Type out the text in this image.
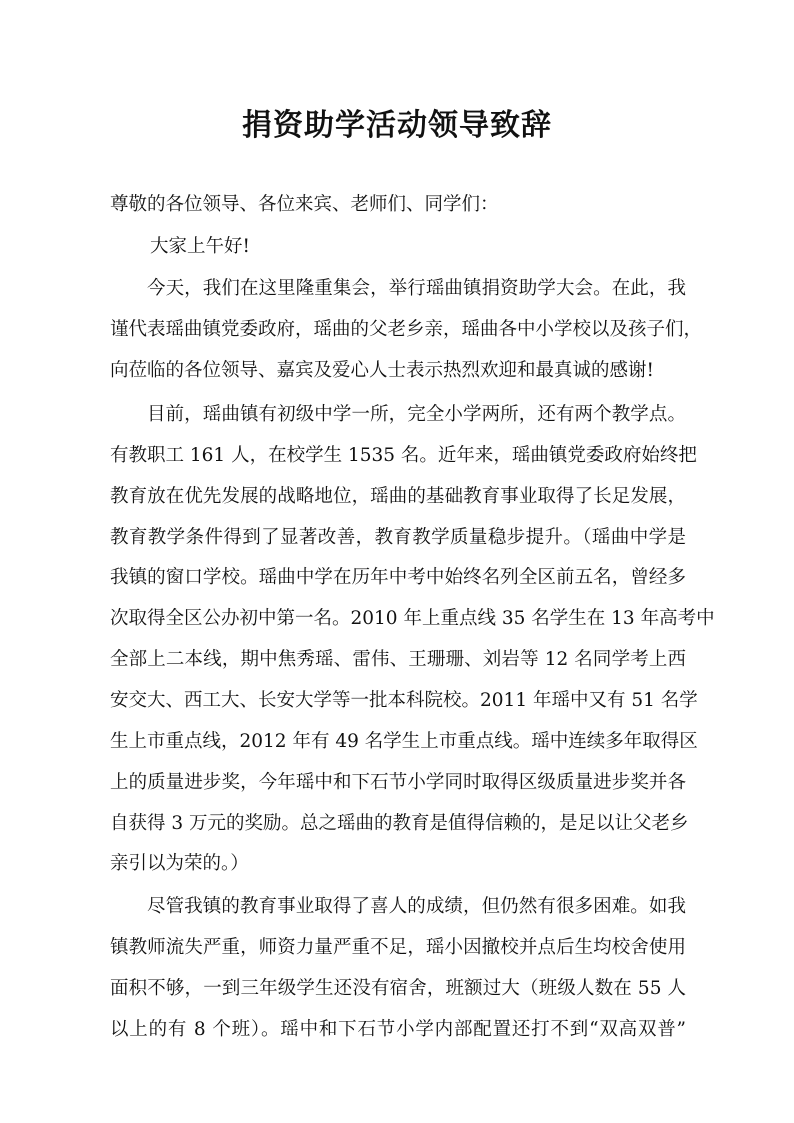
捐资助学活动领导致辞
尊敬的各位领导、各位来宾、老师们、同学们：
大家上午好!
今天，我们在这里隆重集会，举行瑶曲镇捐资助学大会。在此，我
谨代表瑶曲镇党委政府，瑶曲的父老乡亲，瑶曲各中小学校以及孩子们，
向莅临的各位领导、嘉宾及爱心人士表示热烈欢迎和最真诚的感谢!
目前，瑶曲镇有初级中学一所，完全小学两所，还有两个教学点。
有教职工 161 人，在校学生 1535 名。近年来，瑶曲镇党委政府始终把
教育放在优先发展的战略地位，瑶曲的基础教育事业取得了长足发展，
教育教学条件得到了显著改善，教育教学质量稳步提升。（瑶曲中学是
我镇的窗口学校。瑶曲中学在历年中考中始终名列全区前五名，曾经多
次取得全区公办初中第一名。2010 年上重点线 35 名学生在 13 年高考中
全部上二本线，期中焦秀瑶、雷伟、王珊珊、刘岩等 12 名同学考上西
安交大、西工大、长安大学等一批本科院校。2011 年瑶中又有 51 名学
生上市重点线，2012 年有 49 名学生上市重点线。瑶中连续多年取得区
上的质量进步奖，今年瑶中和下石节小学同时取得区级质量进步奖并各
自获得 3 万元的奖励。总之瑶曲的教育是值得信赖的，是足以让父老乡
亲引以为荣的。）
尽管我镇的教育事业取得了喜人的成绩，但仍然有很多困难。如我
镇教师流失严重，师资力量严重不足，瑶小因撤校并点后生均校舍使用
面积不够，一到三年级学生还没有宿舍，班额过大（班级人数在 55 人
以上的有 8 个班）。瑶中和下石节小学内部配置还打不到“双高双普”
